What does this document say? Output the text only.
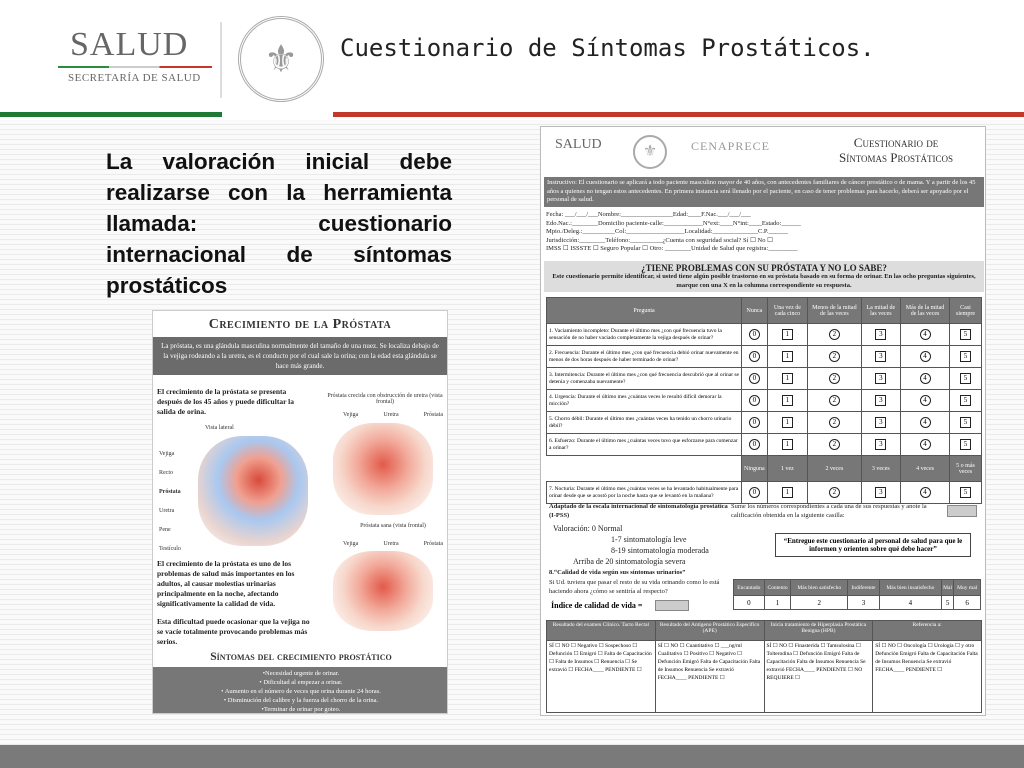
SALUD
SECRETARÍA DE SALUD	⚜	Cuestionario de Síntomas Prostáticos.
La valoración inicial debe realizarse con la herramienta llamada: cuestionario internacional de síntomas prostáticos
Crecimiento de la Próstata
La próstata, es una glándula masculina normalmente del tamaño de una nuez. Se localiza debajo de la vejiga rodeando a la uretra, es el conducto por el cual sale la orina; con la edad esta glándula se hace más grande.
El crecimiento de la próstata se presenta después de los 45 años y puede dificultar la salida de orina.
Vista lateral
Vejiga
Recto
Próstata
Uretra
Pene
Testículo
Próstata crecida con obstrucción de uretra (vista frontal)
Vejiga	Uretra	Próstata
Próstata sana (vista frontal)
Vejiga	Uretra	Próstata
El crecimiento de la próstata es uno de los problemas de salud más importantes en los adultos, al causar molestias urinarias principalmente en la noche, afectando significativamente la calidad de vida.
Esta dificultad puede ocasionar que la vejiga no se vacíe totalmente provocando problemas más serios.
Síntomas del crecimiento prostático
•Necesidad urgente de orinar.
• Dificultad al empezar a orinar.
• Aumento en el número de veces que orina durante 24 horas.
• Disminución del calibre y la fuerza del chorro de la orina.
•Terminar de orinar por goteo.
SALUD	⚜	CENAPRECE	Cuestionario de
Síntomas Prostáticos
Instructivo: El cuestionario se aplicará a todo paciente masculino mayor de 40 años, con antecedentes familiares de cáncer prostático o de mama. Y a partir de los 45 años a quienes no tengan estos antecedentes. En primera instancia será llenado por el paciente, en caso de tener problemas para hacerlo, deberá ser apoyado por el personal de salud.
Fecha: ___/___/___Nombre:________________Edad:____F.Nac.___/___/___
Edo.Nac.:________Domicilio paciente-calle:____________N°ext:____N°int:____Estado:______
Mpio./Deleg.:__________Col:__________________Localidad:______________C.P.______
Jurisdicción:________Teléfono:__________¿Cuenta con seguridad social? Sí ☐ No ☐
IMSS ☐ ISSSTE ☐ Seguro Popular ☐ Otro: ________Unidad de Salud que registra:_________
¿TIENE PROBLEMAS CON SU PRÓSTATA Y NO LO SABE?
Este cuestionario permite identificar, si usted tiene algún posible trastorno en su próstata basado en su forma de orinar. En las ocho preguntas siguientes, marque con una X en la columna correspondiente su respuesta.
Pregunta	Nunca	Una vez de cada cinco	Menos de la mitad de las veces	La mitad de las veces	Más de la mitad de las veces	Casi siempre
1. Vaciamiento incompleto: Durante el último mes ¿con qué frecuencia tuvo la sensación de no haber vaciado completamente la vejiga después de orinar?	0	1	2	3	4	5
2. Frecuencia: Durante el último mes ¿con qué frecuencia debió orinar nuevamente en menos de dos horas después de haber terminado de orinar?	0	1	2	3	4	5
3. Intermitencia: Durante el último mes ¿con qué frecuencia descubrió que al orinar se detenía y comenzaba nuevamente?	0	1	2	3	4	5
4. Urgencia: Durante el último mes ¿cuántas veces le resultó difícil demorar la micción?	0	1	2	3	4	5
5. Chorro débil: Durante el último mes ¿cuántas veces ha tenido un chorro urinario débil?	0	1	2	3	4	5
6. Esfuerzo: Durante el último mes ¿cuántas veces tuvo que esforzarse para comenzar a orinar?	0	1	2	3	4	5
	Ninguna	1 vez	2 veces	3 veces	4 veces	5 o más veces
7. Nocturia: Durante el último mes ¿cuántas veces se ha levantado habitualmente para orinar desde que se acostó por la noche hasta que se levantó en la mañana?	0	1	2	3	4	5
Adaptado de la escala internacional de sintomatología prostática (I-PSS)
Sume los números correspondientes a cada una de sus respuestas y anote la calificación obtenida en la siguiente casilla:
Valoración: 0 Normal
1-7 sintomatología leve
8-19 sintomatología moderada
Arriba de 20 sintomatología severa
“Entregue este cuestionario al personal de salud para que le informen y orienten sobre qué debe hacer”
8.“Calidad de vida según sus síntomas urinarios”
Si Ud. tuviera que pasar el resto de su vida orinando como lo está haciendo ahora ¿cómo se sentiría al respecto?	Encantado	Contento	Más bien satisfecho	Indiferente	Más bien insatisfecho	Mal	Muy mal
0	1	2	3	4	5	6
Índice de calidad de vida =
Resultado del examen Clínico. Tacto Rectal	Resultado del Antígeno Prostático Específico (APE)	Inicia tratamiento de Hiperplasia Prostática Benigna (HPB)	Referencia a:
SÍ ☐ NO ☐ Negativo ☐ Sospechoso ☐ Defunción ☐ Emigró ☐ Falta de Capacitación ☐ Falta de Insumos ☐ Renuencia ☐ Se extravió ☐ FECHA____ PENDIENTE ☐	SÍ ☐ NO ☐ Cuantitativo ☐ ___ng/ml Cualitativo ☐ Positivo ☐ Negativo ☐ Defunción Emigró Falta de Capacitación Falta de Insumos Renuencia Se extravió FECHA____ PENDIENTE ☐	SÍ ☐ NO ☐ Finasterida ☐ Tamsulosina ☐ Tolterodina ☐ Defunción Emigró Falta de Capacitación Falta de Insumos Renuencia Se extravió FECHA____ PENDIENTE ☐ NO REQUIERE ☐	SÍ ☐ NO ☐ Oncología ☐ Urología ☐ y otro Defunción Emigró Falta de Capacitación Falta de Insumos Renuencia Se extravió FECHA____ PENDIENTE ☐
